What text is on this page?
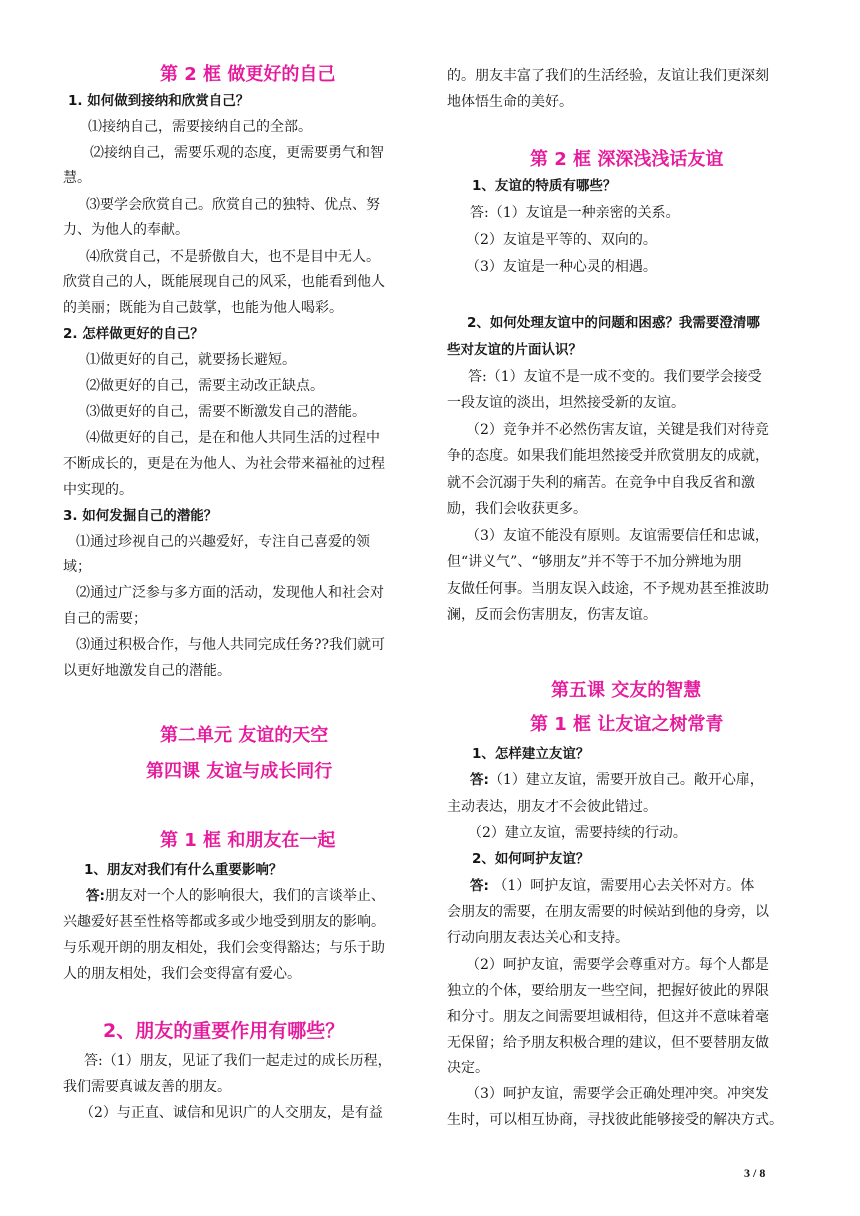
第 2 框 做更好的自己
1. 如何做到接纳和欣赏自己？
⑴接纳自己，需要接纳自己的全部。
⑵接纳自己，需要乐观的态度，更需要勇气和智
慧。
⑶要学会欣赏自己。欣赏自己的独特、优点、努
力、为他人的奉献。
⑷欣赏自己，不是骄傲自大，也不是目中无人。
欣赏自己的人，既能展现自己的风采，也能看到他人
的美丽；既能为自己鼓掌，也能为他人喝彩。
2. 怎样做更好的自己？
⑴做更好的自己，就要扬长避短。
⑵做更好的自己，需要主动改正缺点。
⑶做更好的自己，需要不断激发自己的潜能。
⑷做更好的自己，是在和他人共同生活的过程中
不断成长的，更是在为他人、为社会带来福祉的过程
中实现的。
3. 如何发掘自己的潜能？
⑴通过珍视自己的兴趣爱好，专注自己喜爱的领
域；
⑵通过广泛参与多方面的活动，发现他人和社会对
自己的需要；
⑶通过积极合作，与他人共同完成任务??我们就可
以更好地激发自己的潜能。
第二单元 友谊的天空
第四课 友谊与成长同行
第 1 框 和朋友在一起
1、朋友对我们有什么重要影响？
答:朋友对一个人的影响很大，我们的言谈举止、
兴趣爱好甚至性格等都或多或少地受到朋友的影响。
与乐观开朗的朋友相处，我们会变得豁达；与乐于助
人的朋友相处，我们会变得富有爱心。
2、朋友的重要作用有哪些？
答:（1）朋友，见证了我们一起走过的成长历程，
我们需要真诚友善的朋友。
（2）与正直、诚信和见识广的人交朋友，是有益
的。朋友丰富了我们的生活经验，友谊让我们更深刻
地体悟生命的美好。
第 2 框 深深浅浅话友谊
1、友谊的特质有哪些？
答:（1）友谊是一种亲密的关系。
（2）友谊是平等的、双向的。
（3）友谊是一种心灵的相遇。
2、如何处理友谊中的问题和困惑？我需要澄清哪
些对友谊的片面认识？
答:（1）友谊不是一成不变的。我们要学会接受
一段友谊的淡出，坦然接受新的友谊。
（2）竞争并不必然伤害友谊，关键是我们对待竞
争的态度。如果我们能坦然接受并欣赏朋友的成就，
就不会沉溺于失利的痛苦。在竞争中自我反省和激
励，我们会收获更多。
（3）友谊不能没有原则。友谊需要信任和忠诚，
但“讲义气”、“够朋友”并不等于不加分辨地为朋
友做任何事。当朋友误入歧途，不予规劝甚至推波助
澜，反而会伤害朋友，伤害友谊。
第五课 交友的智慧
第 1 框 让友谊之树常青
1、怎样建立友谊？
答:（1）建立友谊，需要开放自己。敞开心扉，
主动表达，朋友才不会彼此错过。
（2）建立友谊，需要持续的行动。
2、如何呵护友谊？
答: （1）呵护友谊，需要用心去关怀对方。体
会朋友的需要，在朋友需要的时候站到他的身旁，以
行动向朋友表达关心和支持。
（2）呵护友谊，需要学会尊重对方。每个人都是
独立的个体，要给朋友一些空间，把握好彼此的界限
和分寸。朋友之间需要坦诚相待，但这并不意味着毫
无保留；给予朋友积极合理的建议，但不要替朋友做
决定。
（3）呵护友谊，需要学会正确处理冲突。冲突发
生时，可以相互协商，寻找彼此能够接受的解决方式。
3 / 8
